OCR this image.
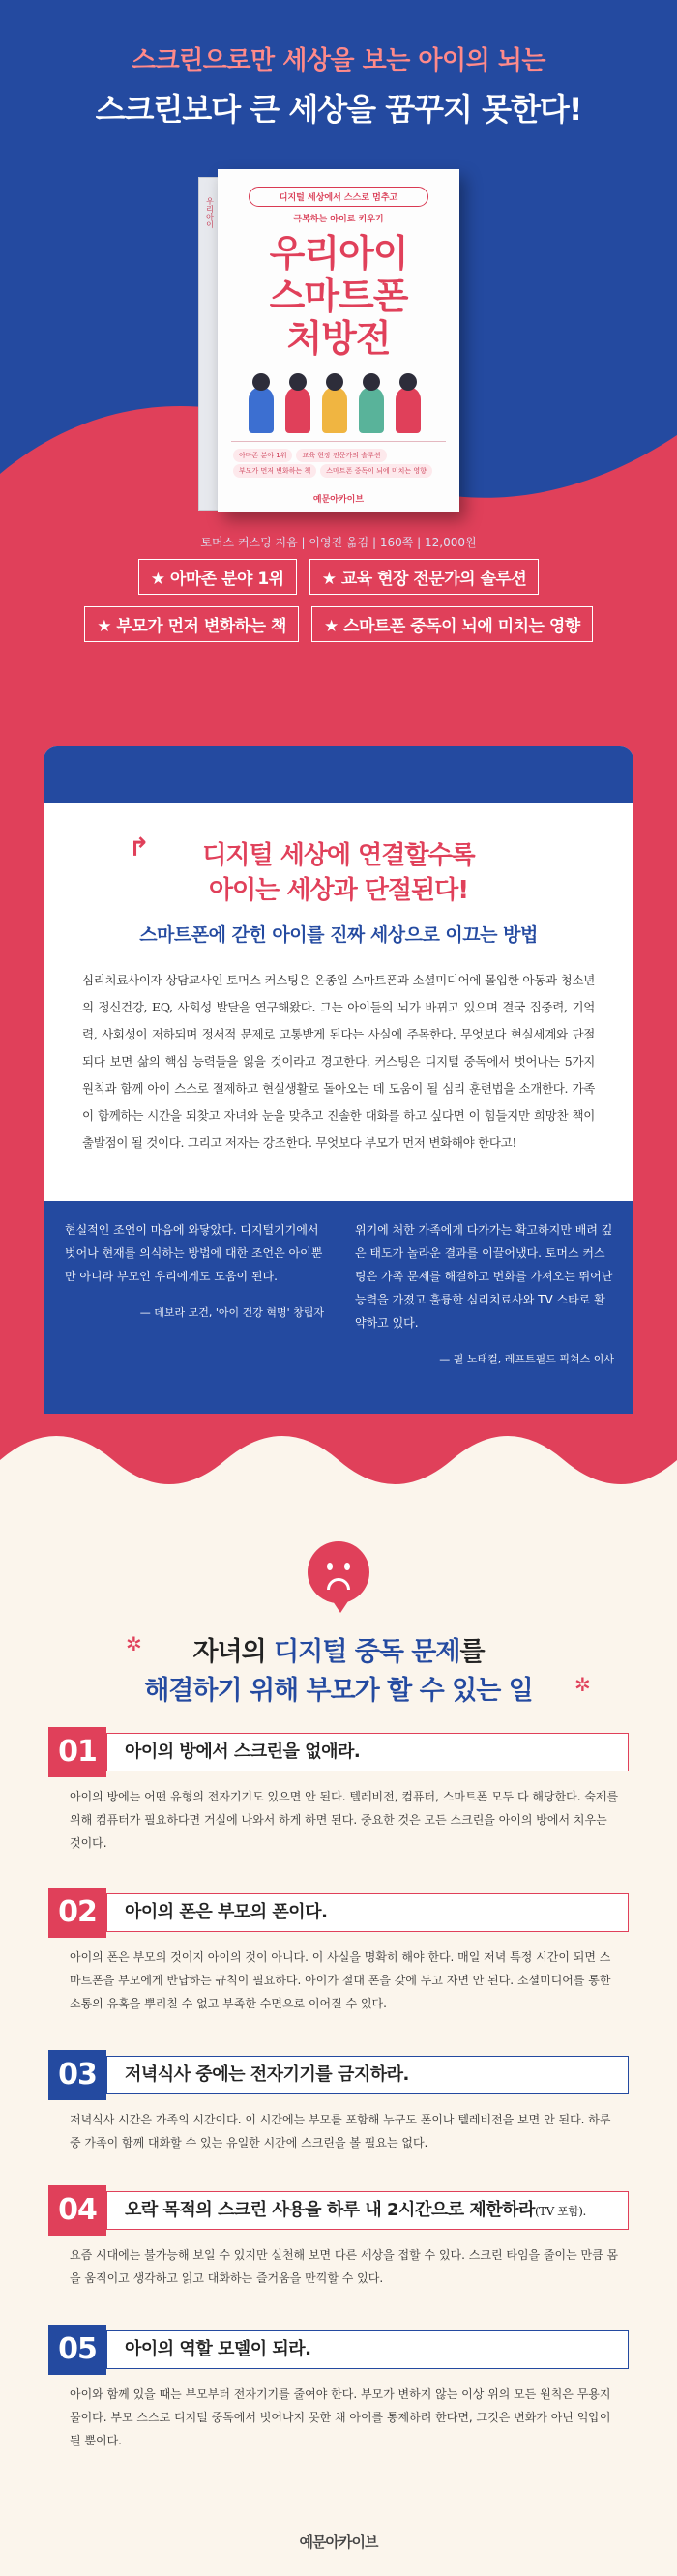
스크린으로만 세상을 보는 아이의 뇌는
스크린보다 큰 세상을 꿈꾸지 못한다!
우리아이	디지털 세상에서 스스로 멈추고
극복하는 아이로 키우기
우리아이
스마트폰
처방전
아마존 분야 1위 교육 현장 전문가의 솔루션
부모가 먼저 변화하는 책 스마트폰 중독이 뇌에 미치는 영향
예문아카이브
토머스 커스딩 지음 | 이영진 옮김 | 160쪽 | 12,000원
★ 아마존 분야 1위 ★ 교육 현장 전문가의 솔루션
★ 부모가 먼저 변화하는 책 ★ 스마트폰 중독이 뇌에 미치는 영향
↱	디지털 세상에 연결할수록
아이는 세상과 단절된다!
스마트폰에 갇힌 아이를 진짜 세상으로 이끄는 방법
심리치료사이자 상담교사인 토머스 커스팅은 온종일 스마트폰과 소셜미디어에 몰입한 아동과 청소년의 정신건강, EQ, 사회성 발달을 연구해왔다. 그는 아이들의 뇌가 바뀌고 있으며 결국 집중력, 기억력, 사회성이 저하되며 정서적 문제로 고통받게 된다는 사실에 주목한다. 무엇보다 현실세계와 단절되다 보면 삶의 핵심 능력들을 잃을 것이라고 경고한다. 커스팅은 디지털 중독에서 벗어나는 5가지 원칙과 함께 아이 스스로 절제하고 현실생활로 돌아오는 데 도움이 될 심리 훈련법을 소개한다. 가족이 함께하는 시간을 되찾고 자녀와 눈을 맞추고 진솔한 대화를 하고 싶다면 이 힘들지만 희망찬 책이 출발점이 될 것이다. 그리고 저자는 강조한다. 무엇보다 부모가 먼저 변화해야 한다고!
현실적인 조언이 마음에 와닿았다. 디지털기기에서 벗어나 현재를 의식하는 방법에 대한 조언은 아이뿐만 아니라 부모인 우리에게도 도움이 된다.
— 데보라 모건, '아이 건강 혁명' 창립자
위기에 처한 가족에게 다가가는 확고하지만 배려 깊은 태도가 놀라운 결과를 이끌어냈다. 토머스 커스팅은 가족 문제를 해결하고 변화를 가져오는 뛰어난 능력을 가졌고 훌륭한 심리치료사와 TV 스타로 활약하고 있다.
— 필 노태컬, 레프트필드 픽쳐스 이사
✲	자녀의 디지털 중독 문제를
해결하기 위해 부모가 할 수 있는 일	✲
01	아이의 방에서 스크린을 없애라.
아이의 방에는 어떤 유형의 전자기기도 있으면 안 된다. 텔레비전, 컴퓨터, 스마트폰 모두 다 해당한다. 숙제를 위해 컴퓨터가 필요하다면 거실에 나와서 하게 하면 된다. 중요한 것은 모든 스크린을 아이의 방에서 치우는 것이다.
02	아이의 폰은 부모의 폰이다.
아이의 폰은 부모의 것이지 아이의 것이 아니다. 이 사실을 명확히 해야 한다. 매일 저녁 특정 시간이 되면 스마트폰을 부모에게 반납하는 규칙이 필요하다. 아이가 절대 폰을 갖에 두고 자면 안 된다. 소셜미디어를 통한 소통의 유혹을 뿌리칠 수 없고 부족한 수면으로 이어질 수 있다.
03	저녁식사 중에는 전자기기를 금지하라.
저녁식사 시간은 가족의 시간이다. 이 시간에는 부모를 포함해 누구도 폰이나 텔레비전을 보면 안 된다. 하루 중 가족이 함께 대화할 수 있는 유일한 시간에 스크린을 볼 필요는 없다.
04	오락 목적의 스크린 사용을 하루 내 2시간으로 제한하라(TV 포함).
요즘 시대에는 불가능해 보일 수 있지만 실천해 보면 다른 세상을 접할 수 있다. 스크린 타임을 줄이는 만큼 몸을 움직이고 생각하고 읽고 대화하는 즐거움을 만끽할 수 있다.
05	아이의 역할 모델이 되라.
아이와 함께 있을 때는 부모부터 전자기기를 줄여야 한다. 부모가 변하지 않는 이상 위의 모든 원칙은 무용지물이다. 부모 스스로 디지털 중독에서 벗어나지 못한 채 아이를 통제하려 한다면, 그것은 변화가 아닌 억압이 될 뿐이다.
예문아카이브
